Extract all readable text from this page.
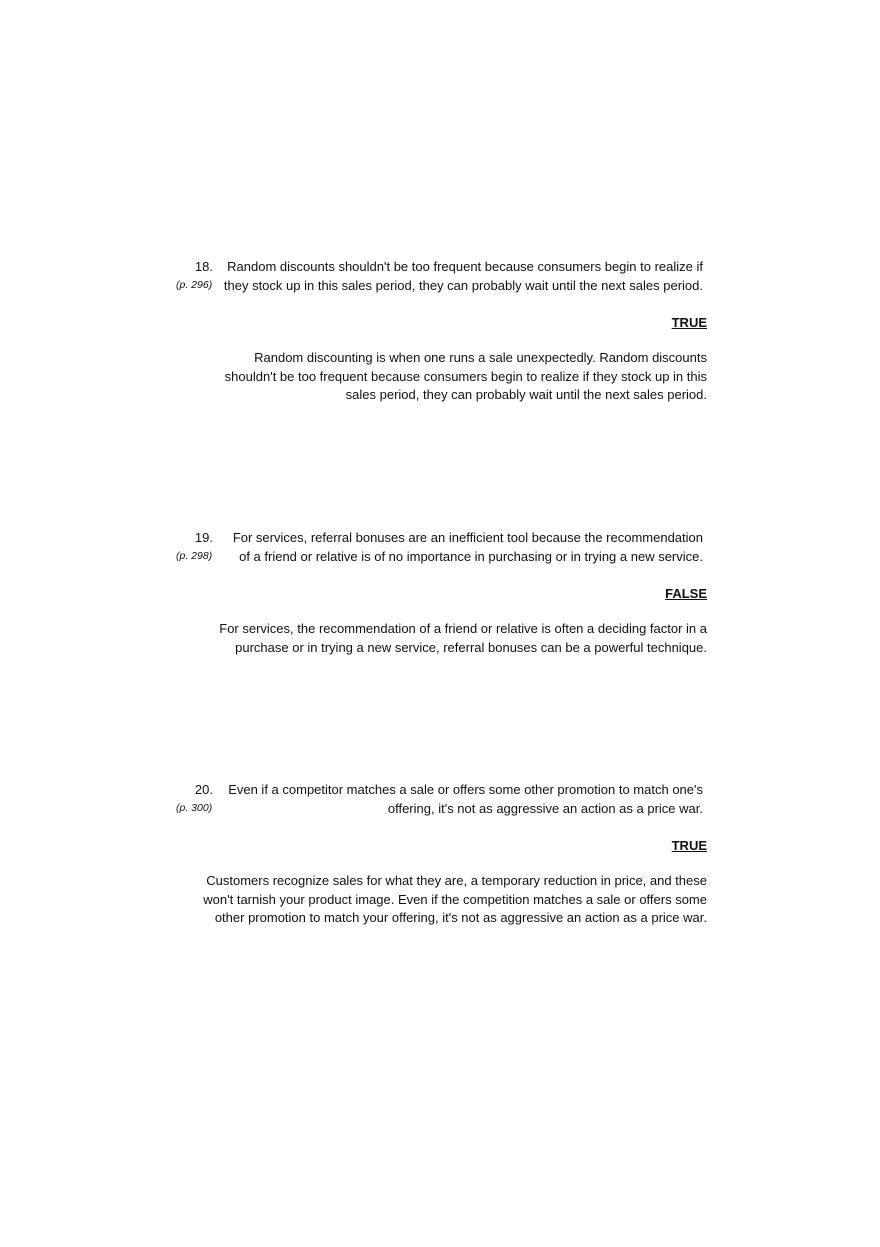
18.
(p. 296)
Random discounts shouldn't be too frequent because consumers begin to realize if they stock up in this sales period, they can probably wait until the next sales period.
TRUE
Random discounting is when one runs a sale unexpectedly. Random discounts shouldn't be too frequent because consumers begin to realize if they stock up in this sales period, they can probably wait until the next sales period.
19.
(p. 298)
For services, referral bonuses are an inefficient tool because the recommendation of a friend or relative is of no importance in purchasing or in trying a new service.
FALSE
For services, the recommendation of a friend or relative is often a deciding factor in a purchase or in trying a new service, referral bonuses can be a powerful technique.
20.
(p. 300)
Even if a competitor matches a sale or offers some other promotion to match one's offering, it's not as aggressive an action as a price war.
TRUE
Customers recognize sales for what they are, a temporary reduction in price, and these won't tarnish your product image. Even if the competition matches a sale or offers some other promotion to match your offering, it's not as aggressive an action as a price war.
